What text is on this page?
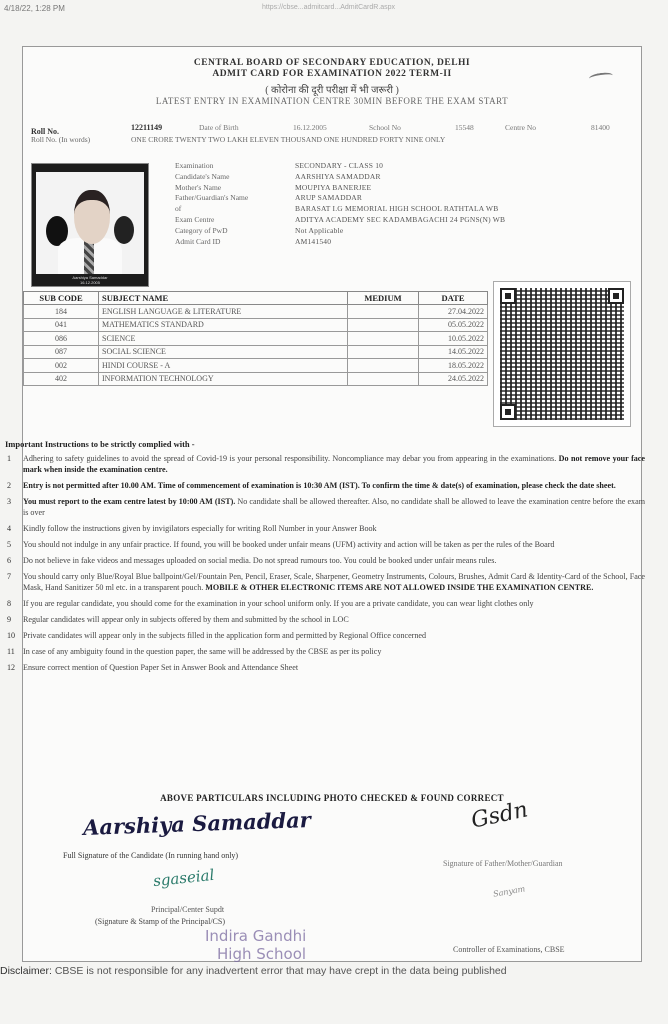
4/18/22, 1:28 PM	https://cbse...admitcard...AdmitCardR.aspx
CENTRAL BOARD OF SECONDARY EDUCATION, DELHI
ADMIT CARD FOR EXAMINATION 2022 TERM-II
( कोरोना की दूरी परीक्षा में भी जरूरी )
LATEST ENTRY IN EXAMINATION CENTRE 30MIN BEFORE THE EXAM START
Roll No.	12211149	Date of Birth	16.12.2005	School No	15548	Centre No	81400
Roll No. (In words)	ONE CRORE TWENTY TWO LAKH ELEVEN THOUSAND ONE HUNDRED FORTY NINE ONLY
Aarshiya Samaddar
16.12.2005
Examination	SECONDARY - CLASS 10
Candidate's Name	AARSHIYA SAMADDAR
Mother's Name	MOUPIYA BANERJEE
Father/Guardian's Name	ARUP SAMADDAR
of	BARASAT I.G MEMORIAL HIGH SCHOOL RATHTALA WB
Exam Centre	ADITYA ACADEMY SEC KADAMBAGACHI 24 PGNS(N) WB
Category of PwD	Not Applicable
Admit Card ID	AM141540
SUB CODE	SUBJECT NAME	MEDIUM	DATE
184	ENGLISH LANGUAGE & LITERATURE		27.04.2022
041	MATHEMATICS STANDARD		05.05.2022
086	SCIENCE		10.05.2022
087	SOCIAL SCIENCE		14.05.2022
002	HINDI COURSE - A		18.05.2022
402	INFORMATION TECHNOLOGY		24.05.2022
Important Instructions to be strictly complied with -
1 Adhering to safety guidelines to avoid the spread of Covid-19 is your personal responsibility. Noncompliance may debar you from appearing in the examinations. Do not remove your face mark when inside the examination centre.
2 Entry is not permitted after 10.00 AM. Time of commencement of examination is 10:30 AM (IST). To confirm the time & date(s) of examination, please check the date sheet.
3 You must report to the exam centre latest by 10:00 AM (IST). No candidate shall be allowed thereafter. Also, no candidate shall be allowed to leave the examination centre before the exam is over
4 Kindly follow the instructions given by invigilators especially for writing Roll Number in your Answer Book
5 You should not indulge in any unfair practice. If found, you will be booked under unfair means (UFM) activity and action will be taken as per the rules of the Board
6 Do not believe in fake videos and messages uploaded on social media. Do not spread rumours too. You could be booked under unfair means rules.
7 You should carry only Blue/Royal Blue ballpoint/Gel/Fountain Pen, Pencil, Eraser, Scale, Sharpener, Geometry Instruments, Colours, Brushes, Admit Card & Identity-Card of the School, Face Mask, Hand Sanitizer 50 ml etc. in a transparent pouch. MOBILE & OTHER ELECTRONIC ITEMS ARE NOT ALLOWED INSIDE THE EXAMINATION CENTRE.
8 If you are regular candidate, you should come for the examination in your school uniform only. If you are a private candidate, you can wear light clothes only
9 Regular candidates will appear only in subjects offered by them and submitted by the school in LOC
10 Private candidates will appear only in the subjects filled in the application form and permitted by Regional Office concerned
11 In case of any ambiguity found in the question paper, the same will be addressed by the CBSE as per its policy
12 Ensure correct mention of Question Paper Set in Answer Book and Attendance Sheet
ABOVE PARTICULARS INCLUDING PHOTO CHECKED & FOUND CORRECT
Aarshiya Samaddar	Gsdn
sgaseial
Sanyam
Full Signature of the Candidate (In running hand only)
Signature of Father/Mother/Guardian
Principal/Center Supdt
(Signature & Stamp of the Principal/CS)
Indira Gandhi
High School	Controller of Examinations, CBSE
Disclaimer: CBSE is not responsible for any inadvertent error that may have crept in the data being published
